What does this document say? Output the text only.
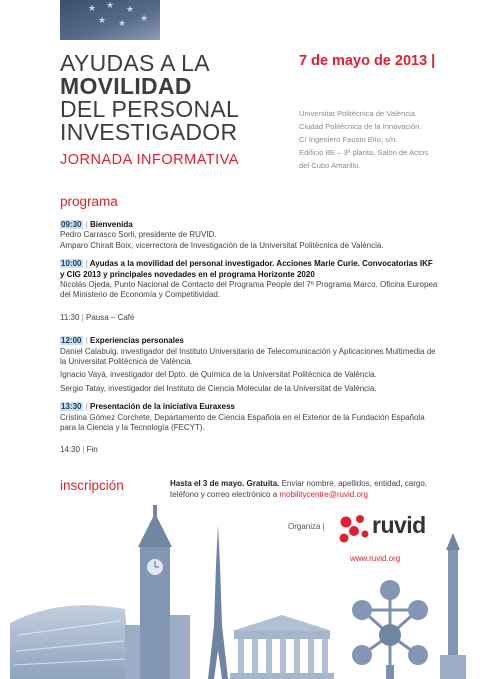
★ ★ ★
★ ★ ★
AYUDAS A LA
MOVILIDAD
DEL PERSONAL
INVESTIGADOR
JORNADA INFORMATIVA
7 de mayo de 2013 |
Universitat Politècnica de València.
Ciudad Politécnica de la Innovación.
C/ Ingeniero Fausto Elío, s/n.
Edificio 8E – 3ª planta. Salón de Actos
del Cubo Amarillo.
programa
09:30 | Bienvenida
Pedro Carrasco Sorli, presidente de RUVID.
Amparo Chiralt Boix, vicerrectora de Investigación de la Universitat Politècnica de València.
10:00 | Ayudas a la movilidad del personal investigador. Acciones Marie Curie. Convocatorias IKF y CIG 2013 y principales novedades en el programa Horizonte 2020
Nicolás Ojeda, Punto Nacional de Contacto del Programa People del 7º Programa Marco. Oficina Europea del Ministerio de Economía y Competitividad.
11:30 | Pausa – Café
12:00 | Experiencias personales
Daniel Calabuig, investigador del Instituto Universitario de Telecomunicación y Aplicaciones Multimedia de la Universitat Politècnica de València.
Ignacio Vayá, investigador del Dpto. de Química de la Universitat Politècnica de València.
Sergio Tatay, investigador del Instituto de Ciencia Molecular de la Universitat de València.
13:30 | Presentación de la iniciativa Euraxess
Cristina Gómez Corchete, Departamento de Ciencia Española en el Exterior de la Fundación Española para la Ciencia y la Tecnología (FECYT).
14:30 | Fin
inscripción	Hasta el 3 de mayo. Gratuita. Enviar nombre, apellidos, entidad, cargo, teléfono y correo electrónico a mobilitycentre@ruvid.org
Organiza | ruvid
www.ruvid.org
